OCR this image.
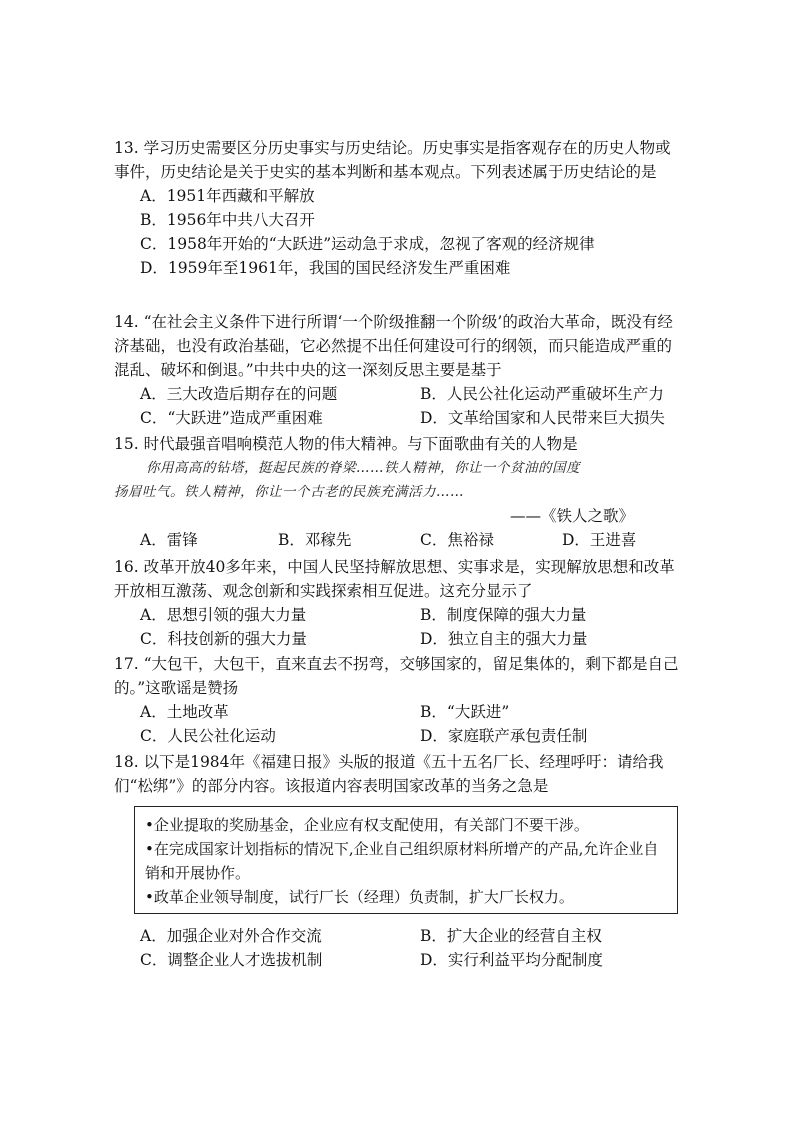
13. 学习历史需要区分历史事实与历史结论。历史事实是指客观存在的历史人物或事件，历史结论是关于史实的基本判断和基本观点。下列表述属于历史结论的是

A．1951年西藏和平解放
B．1956年中共八大召开
C．1958年开始的“大跃进”运动急于求成，忽视了客观的经济规律
D．1959年至1961年，我国的国民经济发生严重困难

14. “在社会主义条件下进行所谓‘一个阶级推翻一个阶级’的政治大革命，既没有经济基础，也没有政治基础，它必然提不出任何建设可行的纲领，而只能造成严重的混乱、破坏和倒退。”中共中央的这一深刻反思主要是基于

A．三大改造后期存在的问题	B．人民公社化运动严重破坏生产力
C．“大跃进”造成严重困难	D．文革给国家和人民带来巨大损失

15. 时代最强音唱响模范人物的伟大精神。与下面歌曲有关的人物是

你用高高的钻塔，挺起民族的脊梁……铁人精神，你让一个贫油的国度
扬眉吐气。铁人精神，你让一个古老的民族充满活力……
——《铁人之歌》
A．雷锋	B．邓稼先	C．焦裕禄	D．王进喜

16. 改革开放40多年来，中国人民坚持解放思想、实事求是，实现解放思想和改革开放相互激荡、观念创新和实践探索相互促进。这充分显示了

A．思想引领的强大力量	B．制度保障的强大力量
C．科技创新的强大力量	D．独立自主的强大力量

17. “大包干，大包干，直来直去不拐弯，交够国家的，留足集体的，剩下都是自己的。”这歌谣是赞扬

A．土地改革	B．“大跃进”
C．人民公社化运动	D．家庭联产承包责任制

18. 以下是1984年《福建日报》头版的报道《五十五名厂长、经理呼吁：请给我们“松绑”》的部分内容。该报道内容表明国家改革的当务之急是

•企业提取的奖励基金，企业应有权支配使用，有关部门不要干涉。
•在完成国家计划指标的情况下,企业自己组织原材料所增产的产品,允许企业自销和开展协作。
•政革企业领导制度，试行厂长（经理）负责制，扩大厂长权力。
A．加强企业对外合作交流	B．扩大企业的经营自主权
C．调整企业人才选拔机制	D．实行利益平均分配制度
